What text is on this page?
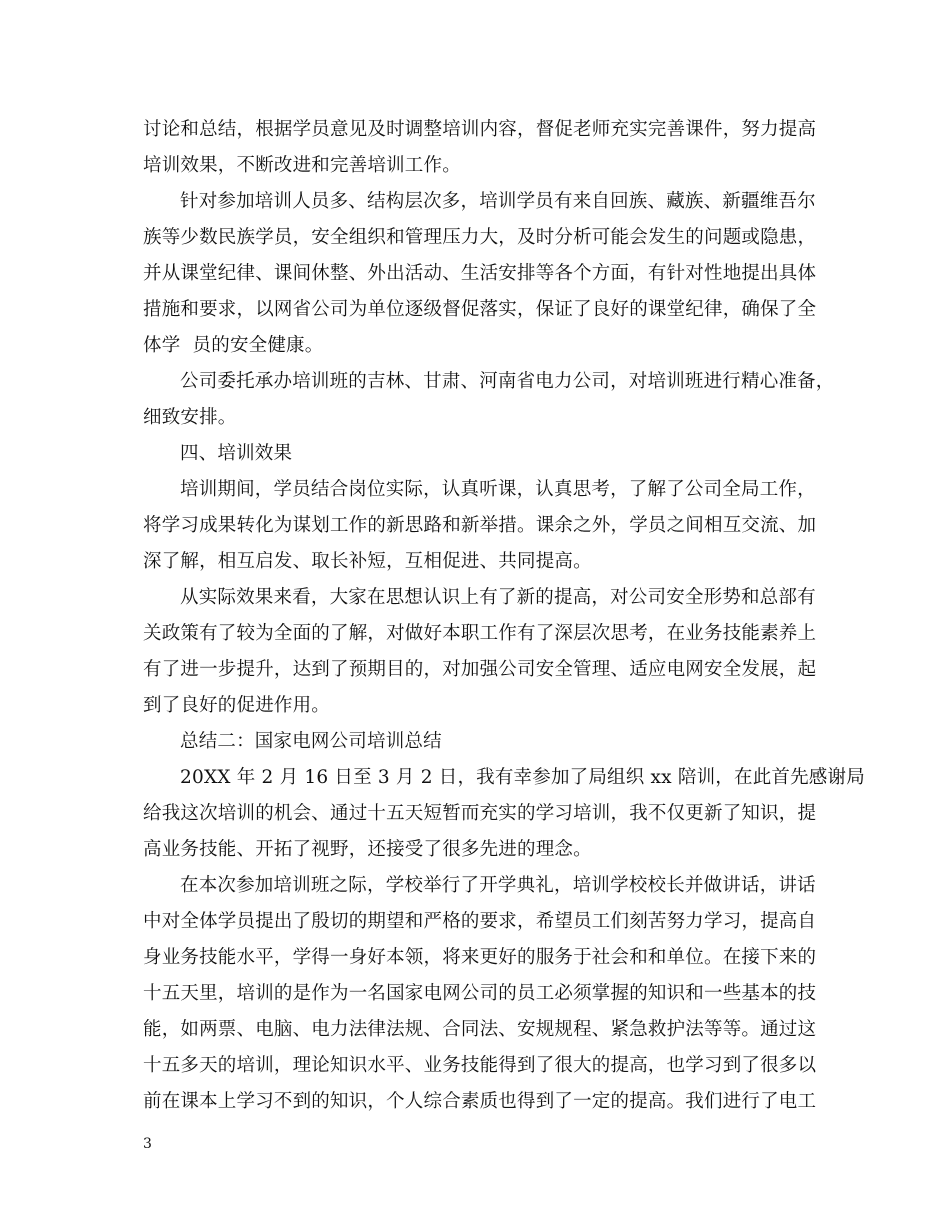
讨论和总结，根据学员意见及时调整培训内容，督促老师充实完善课件，努力提高
培训效果，不断改进和完善培训工作。
针对参加培训人员多、结构层次多，培训学员有来自回族、藏族、新疆维吾尔
族等少数民族学员，安全组织和管理压力大，及时分析可能会发生的问题或隐患，
并从课堂纪律、课间休整、外出活动、生活安排等各个方面，有针对性地提出具体
措施和要求，以网省公司为单位逐级督促落实，保证了良好的课堂纪律，确保了全
体学  员的安全健康。
公司委托承办培训班的吉林、甘肃、河南省电力公司，对培训班进行精心准备，
细致安排。
四、培训效果
培训期间，学员结合岗位实际，认真听课，认真思考，了解了公司全局工作，
将学习成果转化为谋划工作的新思路和新举措。课余之外，学员之间相互交流、加
深了解，相互启发、取长补短，互相促进、共同提高。
从实际效果来看，大家在思想认识上有了新的提高，对公司安全形势和总部有
关政策有了较为全面的了解，对做好本职工作有了深层次思考，在业务技能素养上
有了进一步提升，达到了预期目的，对加强公司安全管理、适应电网安全发展，起
到了良好的促进作用。
总结二：国家电网公司培训总结
20XX 年 2 月 16 日至 3 月 2 日，我有幸参加了局组织 xx 陪训，在此首先感谢局
给我这次培训的机会、通过十五天短暂而充实的学习培训，我不仅更新了知识，提
高业务技能、开拓了视野，还接受了很多先进的理念。
在本次参加培训班之际，学校举行了开学典礼，培训学校校长并做讲话，讲话
中对全体学员提出了殷切的期望和严格的要求，希望员工们刻苦努力学习，提高自
身业务技能水平，学得一身好本领，将来更好的服务于社会和和单位。在接下来的
十五天里，培训的是作为一名国家电网公司的员工必须掌握的知识和一些基本的技
能，如两票、电脑、电力法律法规、合同法、安规规程、紧急救护法等等。通过这
十五多天的培训，理论知识水平、业务技能得到了很大的提高，也学习到了很多以
前在课本上学习不到的知识，个人综合素质也得到了一定的提高。我们进行了电工
3
